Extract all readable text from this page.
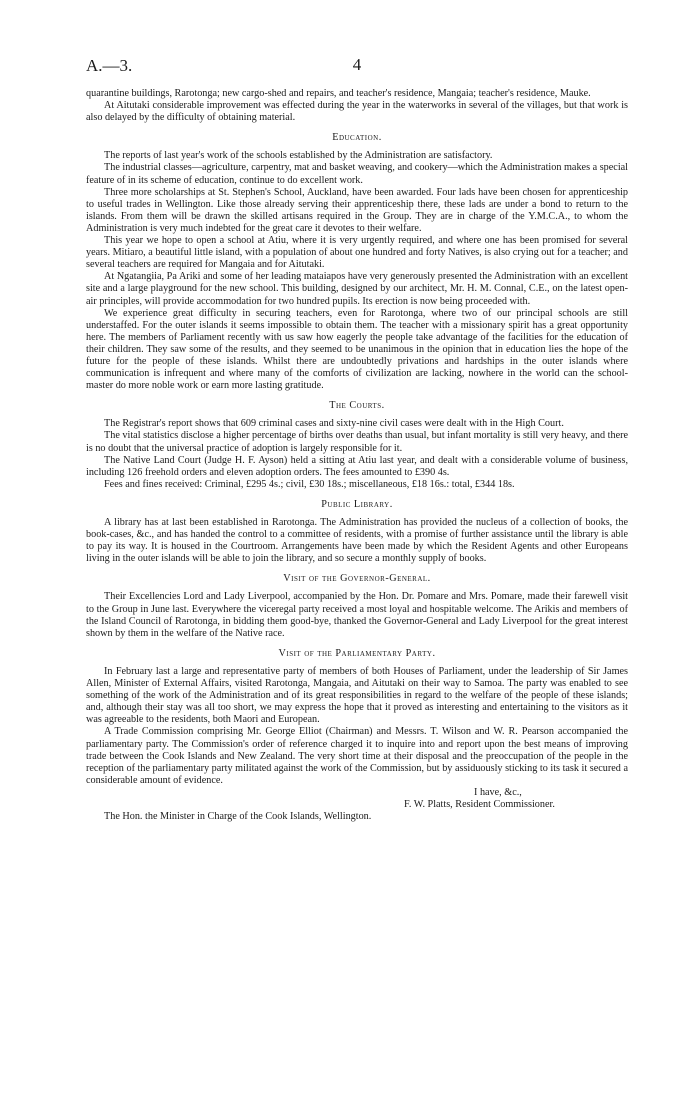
A.—3.	4

quarantine buildings, Rarotonga; new cargo-shed and repairs, and teacher's residence, Mangaia; teacher's residence, Mauke.

At Aitutaki considerable improvement was effected during the year in the waterworks in several of the villages, but that work is also delayed by the difficulty of obtaining material.

Education.

The reports of last year's work of the schools established by the Administration are satisfactory.

The industrial classes—agriculture, carpentry, mat and basket weaving, and cookery—which the Administration makes a special feature of in its scheme of education, continue to do excellent work.

Three more scholarships at St. Stephen's School, Auckland, have been awarded. Four lads have been chosen for apprenticeship to useful trades in Wellington. Like those already serving their apprenticeship there, these lads are under a bond to return to the islands. From them will be drawn the skilled artisans required in the Group. They are in charge of the Y.M.C.A., to whom the Administration is very much indebted for the great care it devotes to their welfare.

This year we hope to open a school at Atiu, where it is very urgently required, and where one has been promised for several years. Mitiaro, a beautiful little island, with a population of about one hundred and forty Natives, is also crying out for a teacher; and several teachers are required for Mangaia and for Aitutaki.

At Ngatangiia, Pa Ariki and some of her leading mataiapos have very generously presented the Administration with an excellent site and a large playground for the new school. This building, designed by our architect, Mr. H. M. Connal, C.E., on the latest open-air principles, will provide accommodation for two hundred pupils. Its erection is now being proceeded with.

We experience great difficulty in securing teachers, even for Rarotonga, where two of our principal schools are still understaffed. For the outer islands it seems impossible to obtain them. The teacher with a missionary spirit has a great opportunity here. The members of Parliament recently with us saw how eagerly the people take advantage of the facilities for the education of their children. They saw some of the results, and they seemed to be unanimous in the opinion that in education lies the hope of the future for the people of these islands. Whilst there are undoubtedly privations and hardships in the outer islands where communication is infrequent and where many of the comforts of civilization are lacking, nowhere in the world can the school-master do more noble work or earn more lasting gratitude.

The Courts.

The Registrar's report shows that 609 criminal cases and sixty-nine civil cases were dealt with in the High Court.

The vital statistics disclose a higher percentage of births over deaths than usual, but infant mortality is still very heavy, and there is no doubt that the universal practice of adoption is largely responsible for it.

The Native Land Court (Judge H. F. Ayson) held a sitting at Atiu last year, and dealt with a considerable volume of business, including 126 freehold orders and eleven adoption orders. The fees amounted to £390 4s.

Fees and fines received: Criminal, £295 4s.; civil, £30 18s.; miscellaneous, £18 16s.: total, £344 18s.

Public Library.

A library has at last been established in Rarotonga. The Administration has provided the nucleus of a collection of books, the book-cases, &c., and has handed the control to a committee of residents, with a promise of further assistance until the library is able to pay its way. It is housed in the Courtroom. Arrangements have been made by which the Resident Agents and other Europeans living in the outer islands will be able to join the library, and so secure a monthly supply of books.

Visit of the Governor-General.

Their Excellencies Lord and Lady Liverpool, accompanied by the Hon. Dr. Pomare and Mrs. Pomare, made their farewell visit to the Group in June last. Everywhere the viceregal party received a most loyal and hospitable welcome. The Arikis and members of the Island Council of Rarotonga, in bidding them good-bye, thanked the Governor-General and Lady Liverpool for the great interest shown by them in the welfare of the Native race.

Visit of the Parliamentary Party.

In February last a large and representative party of members of both Houses of Parliament, under the leadership of Sir James Allen, Minister of External Affairs, visited Rarotonga, Mangaia, and Aitutaki on their way to Samoa. The party was enabled to see something of the work of the Administration and of its great responsibilities in regard to the welfare of the people of these islands; and, although their stay was all too short, we may express the hope that it proved as interesting and entertaining to the visitors as it was agreeable to the residents, both Maori and European.

A Trade Commission comprising Mr. George Elliot (Chairman) and Messrs. T. Wilson and W. R. Pearson accompanied the parliamentary party. The Commission's order of reference charged it to inquire into and report upon the best means of improving trade between the Cook Islands and New Zealand. The very short time at their disposal and the preoccupation of the people in the reception of the parliamentary party militated against the work of the Commission, but by assiduously sticking to its task it secured a considerable amount of evidence.

I have, &c.,

F. W. Platts, Resident Commissioner.

The Hon. the Minister in Charge of the Cook Islands, Wellington.
